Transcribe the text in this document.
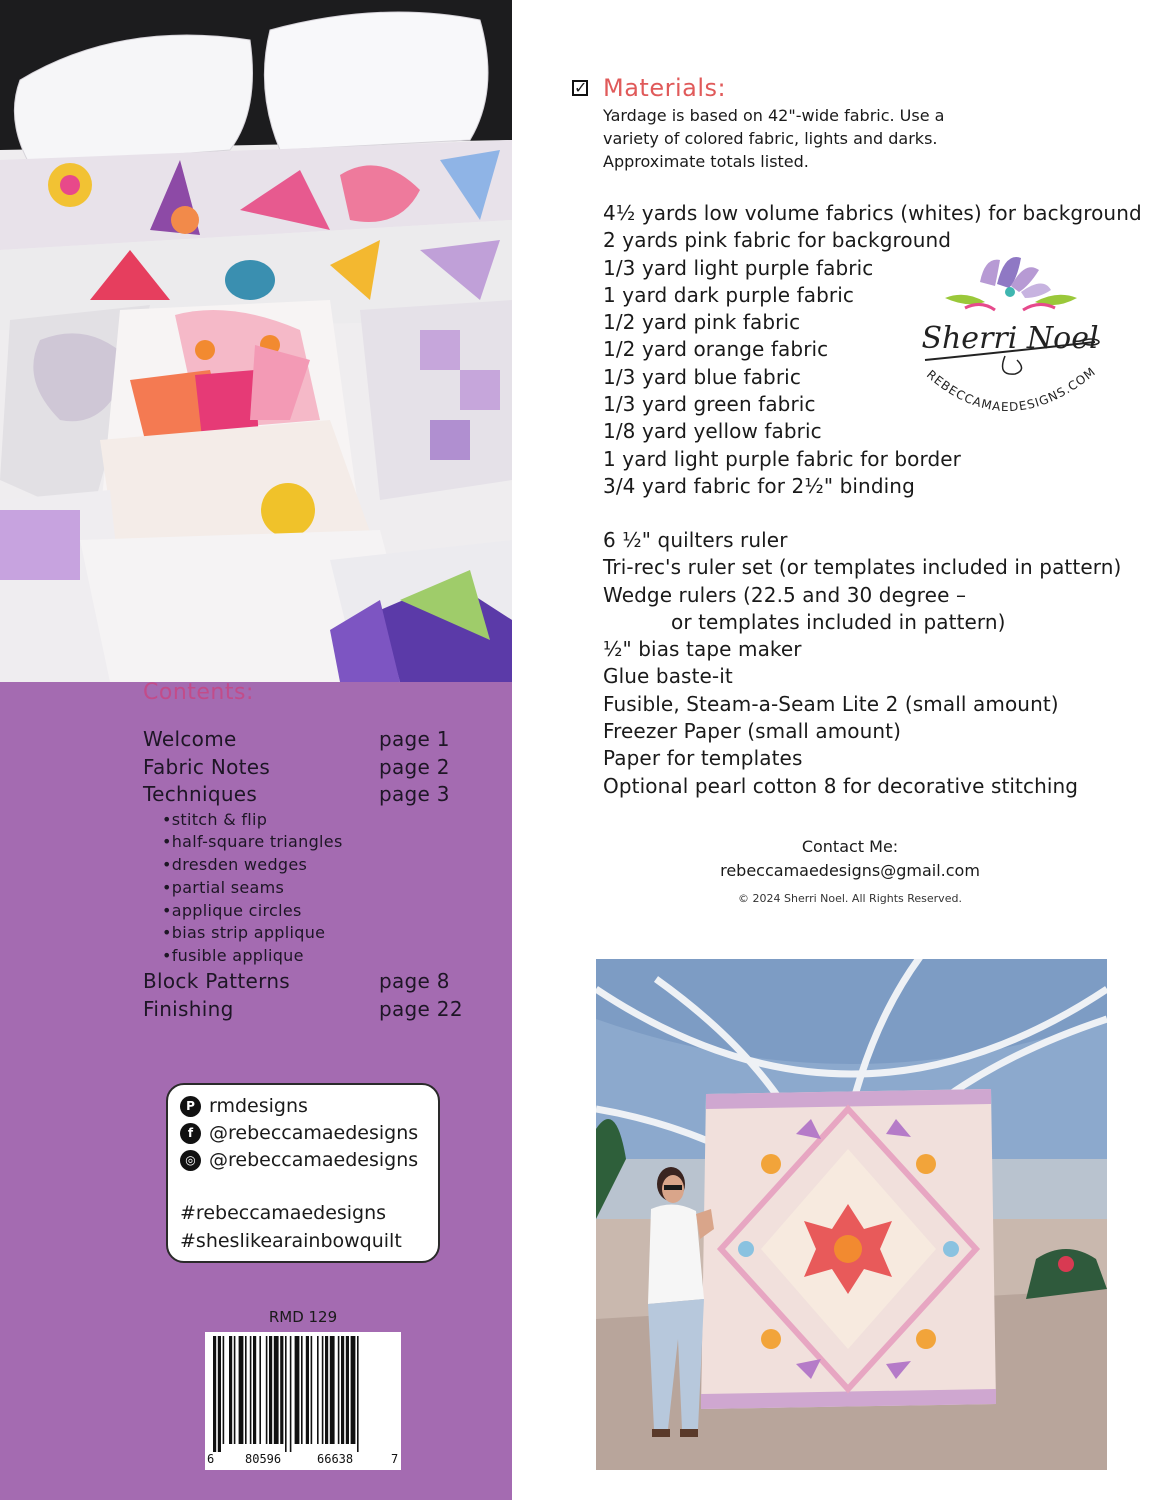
Contents:
Welcome	page 1
Fabric Notes	page 2
Techniques	page 3
•stitch & flip
•half-square triangles
•dresden wedges
•partial seams
•applique circles
•bias strip applique
•fusible applique
Block Patterns	page 8
Finishing	page 22
P rmdesigns
f @rebeccamaedesigns
◎ @rebeccamaedesigns
#rebeccamaedesigns
#sheslikearainbowquilt
RMD 129
6	80596	66638	7
✓ Materials:
Yardage is based on 42"-wide fabric. Use a variety of colored fabric, lights and darks. Approximate totals listed.
4½ yards low volume fabrics (whites) for background
2 yards pink fabric for background
1/3 yard light purple fabric
1 yard dark purple fabric
1/2 yard pink fabric
1/2 yard orange fabric
1/3 yard blue fabric
1/3 yard green fabric
1/8 yard yellow fabric
1 yard light purple fabric for border
3/4 yard fabric for 2½" binding
Sherri Noel
REBECCAMAEDESIGNS.COM
6 ½" quilters ruler
Tri-rec's ruler set (or templates included in pattern)
Wedge rulers (22.5 and 30 degree –
or templates included in pattern)
½" bias tape maker
Glue baste-it
Fusible, Steam-a-Seam Lite 2 (small amount)
Freezer Paper (small amount)
Paper for templates
Optional pearl cotton 8 for decorative stitching
Contact Me:
rebeccamaedesigns@gmail.com
© 2024 Sherri Noel. All Rights Reserved.
